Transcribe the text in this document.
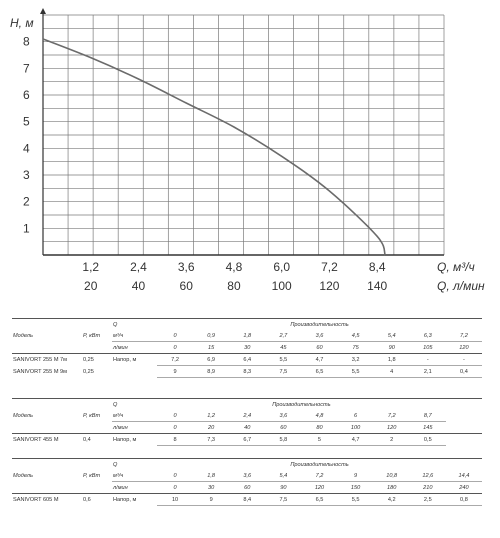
1
2
3
4
5
6
7
8
1,2	2,4	3,6	4,8	6,0	7,2	8,4
20	40	60	80	100 120 140
H, м
Q, м³/ч
Q, л/мин
		Q	Производительность								
Модель	P, кВт	м³/ч	0	0,9	1,8	2,7	3,6	4,5	5,4	6,3	7,2
		л/мин	0	15	30	45	60	75	90	105	120
SANIVORT 255 M 7м	0,25	Напор, м	7,2	6,9	6,4	5,5	4,7	3,2	1,8	-	-
SANIVORT 255 M 9м	0,25		9	8,9	8,3	7,5	6,5	5,5	4	2,1	0,4
		Q	Производительность								
Модель	P, кВт	м³/ч	0	1,2	2,4	3,6	4,8	6	7,2	8,7	
		л/мин	0	20	40	60	80	100	120	145	
SANIVORT 455 M	0,4	Напор, м	8	7,3	6,7	5,8	5	4,7	2	0,5	
		Q	Производительность								
Модель	P, кВт	м³/ч	0	1,8	3,6	5,4	7,2	9	10,8	12,6	14,4
		л/мин	0	30	60	90	120	150	180	210	240
SANIVORT 605 M	0,6	Напор, м	10	9	8,4	7,5	6,5	5,5	4,2	2,5	0,8
